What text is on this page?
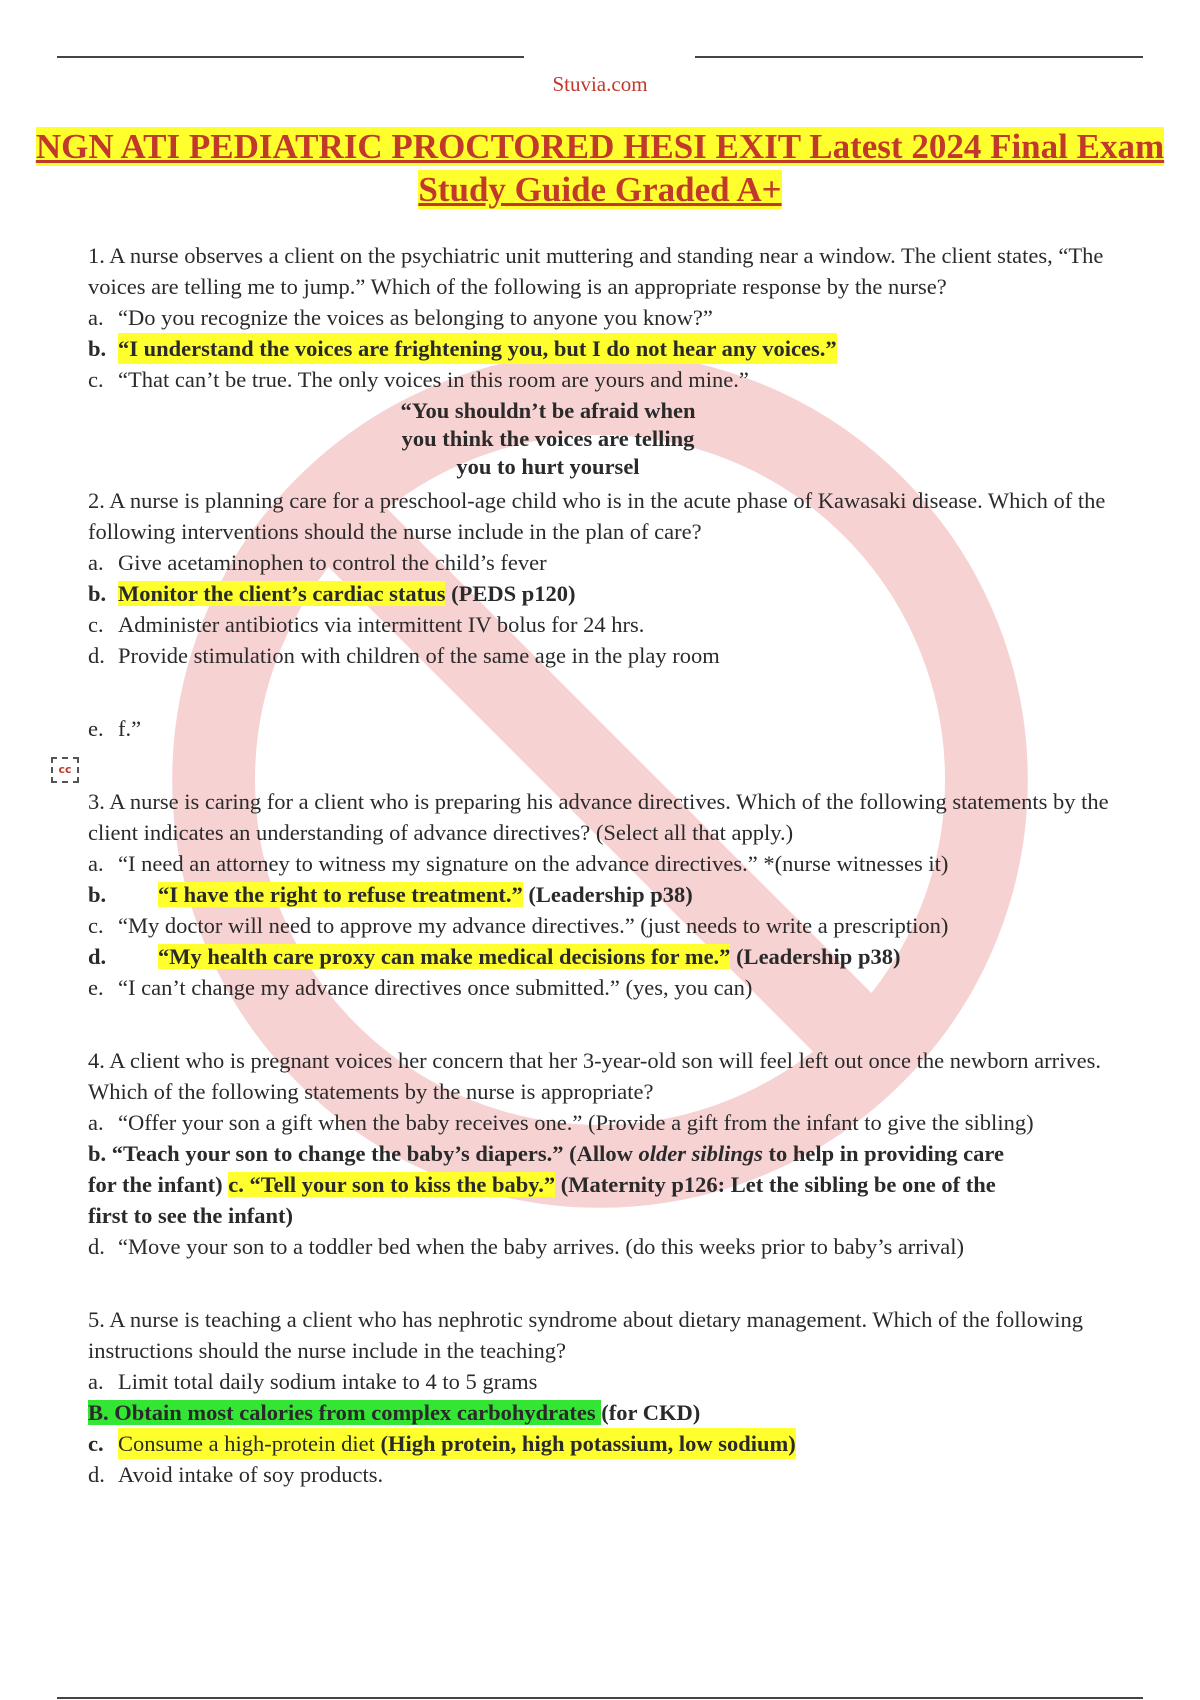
Stuvia.com
NGN ATI PEDIATRIC PROCTORED HESI EXIT Latest 2024 Final Exam
Study Guide Graded A+

1. A nurse observes a client on the psychiatric unit muttering and standing near a window. The client states, “The voices are telling me to jump.” Which of the following is an appropriate response by the nurse?

a. “Do you recognize the voices as belonging to anyone you know?”

b. “I understand the voices are frightening you, but I do not hear any voices.”

c. “That can’t be true. The only voices in this room are yours and mine.”

“You shouldn’t be afraid when
you think the voices are telling
you to hurt yoursel

2. A nurse is planning care for a preschool-age child who is in the acute phase of Kawasaki disease. Which of the following interventions should the nurse include in the plan of care?

a. Give acetaminophen to control the child’s fever

b. Monitor the client’s cardiac status (PEDS p120)

c. Administer antibiotics via intermittent IV bolus for 24 hrs.

d. Provide stimulation with children of the same age in the play room

e. f.”

3. A nurse is caring for a client who is preparing his advance directives. Which of the following statements by the client indicates an understanding of advance directives? (Select all that apply.)

a. “I need an attorney to witness my signature on the advance directives.” *(nurse witnesses it)

b.	“I have the right to refuse treatment.” (Leadership p38)

c. “My doctor will need to approve my advance directives.” (just needs to write a prescription)

d.	“My health care proxy can make medical decisions for me.” (Leadership p38)

e. “I can’t change my advance directives once submitted.” (yes, you can)

4. A client who is pregnant voices her concern that her 3-year-old son will feel left out once the newborn arrives. Which of the following statements by the nurse is appropriate?

a. “Offer your son a gift when the baby receives one.” (Provide a gift from the infant to give the sibling)

b. “Teach your son to change the baby’s diapers.” (Allow older siblings to help in providing care for the infant) c. “Tell your son to kiss the baby.” (Maternity p126: Let the sibling be one of the first to see the infant)

d. “Move your son to a toddler bed when the baby arrives. (do this weeks prior to baby’s arrival)

5. A nurse is teaching a client who has nephrotic syndrome about dietary management. Which of the following instructions should the nurse include in the teaching?

a. Limit total daily sodium intake to 4 to 5 grams

B. Obtain most calories from complex carbohydrates (for CKD)

c. Consume a high-protein diet (High protein, high potassium, low sodium)

d. Avoid intake of soy products.

cc
